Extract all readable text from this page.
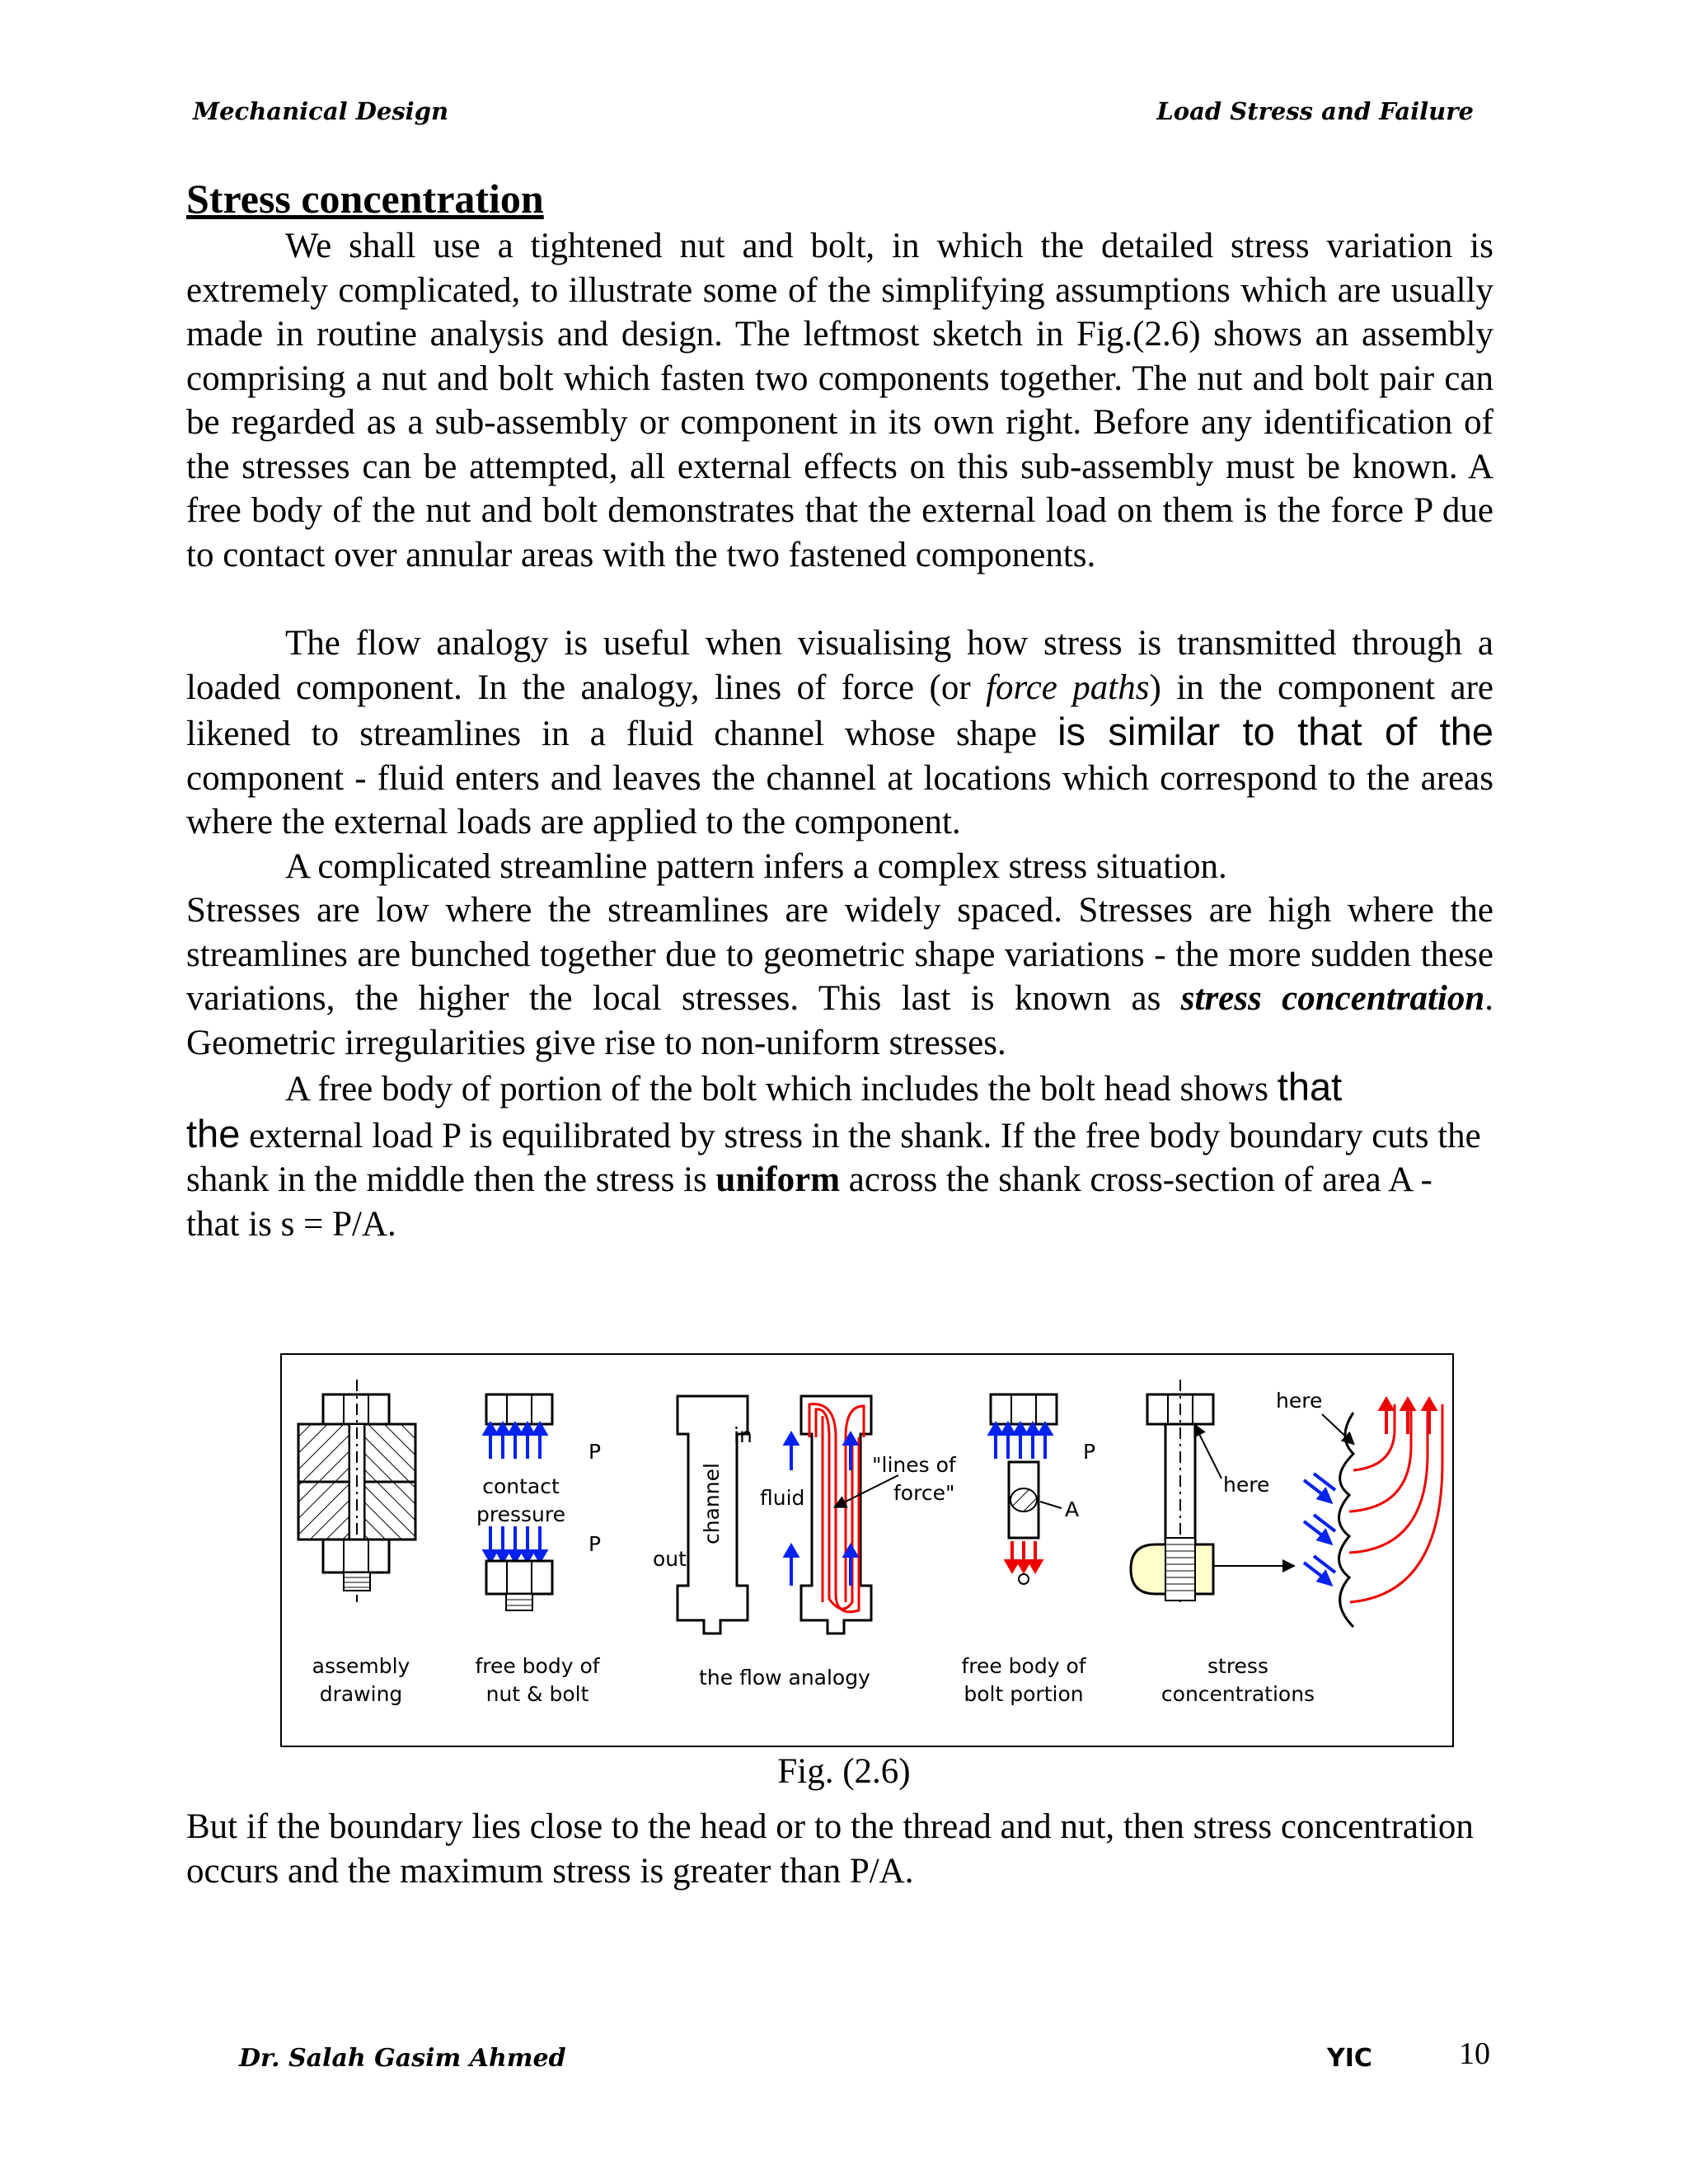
Mechanical Design	Load Stress and Failure
Stress concentration

We shall use a tightened nut and bolt, in which the detailed stress variation is extremely complicated, to illustrate some of the simplifying assumptions which are usually made in routine analysis and design. The leftmost sketch in Fig.(2.6) shows an assembly comprising a nut and bolt which fasten two components together. The nut and bolt pair can be regarded as a sub-assembly or component in its own right. Before any identification of the stresses can be attempted, all external effects on this sub-assembly must be known. A free body of the nut and bolt demonstrates that the external load on them is the force P due to contact over annular areas with the two fastened components.

The flow analogy is useful when visualising how stress is transmitted through a loaded component. In the analogy, lines of force (or force paths) in the component are likened to streamlines in a fluid channel whose shape is similar to that of the component - fluid enters and leaves the channel at locations which correspond to the areas where the external loads are applied to the component.

A complicated streamline pattern infers a complex stress situation.

Stresses are low where the streamlines are widely spaced. Stresses are high where the streamlines are bunched together due to geometric shape variations - the more sudden these variations, the higher the local stresses. This last is known as stress concentration. Geometric irregularities give rise to non-uniform stresses.

A free body of portion of the bolt which includes the bolt head shows that
the external load P is equilibrated by stress in the shank. If the free body boundary cuts the shank in the middle then the stress is uniform across the shank cross-section of area A - that is s = P/A.

assembly
drawing
P
contact
pressure
P
free body of
nut & bolt
in
out
channel fluid
"lines of
force"
the flow analogy
P
A
free body of
bolt portion
here
here
stress
concentrations
Fig. (2.6)
But if the boundary lies close to the head or to the thread and nut, then stress concentration occurs and the maximum stress is greater than P/A.
Dr. Salah Gasim Ahmed	YIC	10
